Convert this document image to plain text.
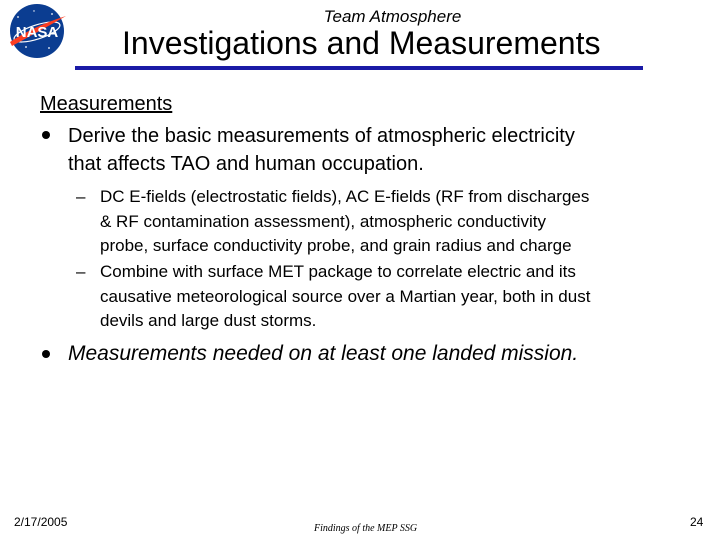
NASA
Team Atmosphere
Investigations and Measurements
Measurements
Derive the basic measurements of atmospheric electricity
that affects TAO and human occupation.
– DC E-fields (electrostatic fields), AC E-fields (RF from discharges
& RF contamination assessment), atmospheric conductivity
probe, surface conductivity probe, and grain radius and charge
– Combine with surface MET package to correlate electric and its
causative meteorological source over a Martian year, both in dust
devils and large dust storms.
Measurements needed on at least one landed mission.
2/17/2005	Findings of the MEP SSG	24
